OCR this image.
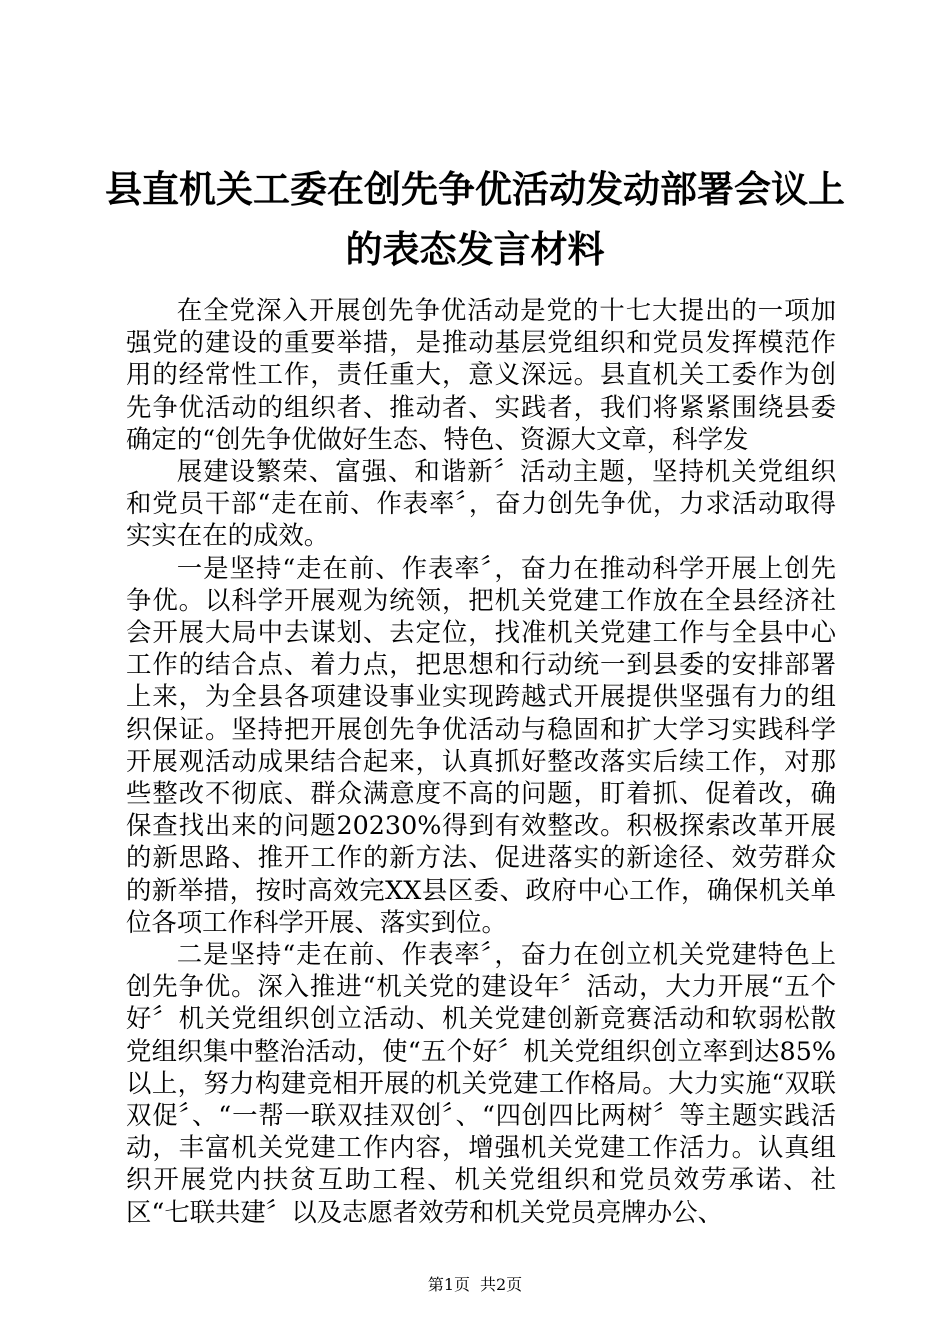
县直机关工委在创先争优活动发动部署会议上的表态发言材料

在全党深入开展创先争优活动是党的十七大提出的一项加强党的建设的重要举措，是推动基层党组织和党员发挥模范作用的经常性工作，责任重大，意义深远。县直机关工委作为创先争优活动的组织者、推动者、实践者，我们将紧紧围绕县委确定的“创先争优做好生态、特色、资源大文章，科学发

展建设繁荣、富强、和谐新〞活动主题，坚持机关党组织和党员干部“走在前、作表率〞，奋力创先争优，力求活动取得实实在在的成效。

一是坚持“走在前、作表率〞，奋力在推动科学开展上创先争优。以科学开展观为统领，把机关党建工作放在全县经济社会开展大局中去谋划、去定位，找准机关党建工作与全县中心工作的结合点、着力点，把思想和行动统一到县委的安排部署上来，为全县各项建设事业实现跨越式开展提供坚强有力的组织保证。坚持把开展创先争优活动与稳固和扩大学习实践科学开展观活动成果结合起来，认真抓好整改落实后续工作，对那些整改不彻底、群众满意度不高的问题，盯着抓、促着改，确保查找出来的问题20230%得到有效整改。积极探索改革开展的新思路、推开工作的新方法、促进落实的新途径、效劳群众的新举措，按时高效完XX县区委、政府中心工作，确保机关单位各项工作科学开展、落实到位。

二是坚持“走在前、作表率〞，奋力在创立机关党建特色上创先争优。深入推进“机关党的建设年〞活动，大力开展“五个好〞机关党组织创立活动、机关党建创新竞赛活动和软弱松散党组织集中整治活动，使“五个好〞机关党组织创立率到达85%以上，努力构建竞相开展的机关党建工作格局。大力实施“双联双促〞、“一帮一联双挂双创〞、“四创四比两树〞等主题实践活动，丰富机关党建工作内容，增强机关党建工作活力。认真组织开展党内扶贫互助工程、机关党组织和党员效劳承诺、社区“七联共建〞以及志愿者效劳和机关党员亮牌办公、

第1页 共2页
